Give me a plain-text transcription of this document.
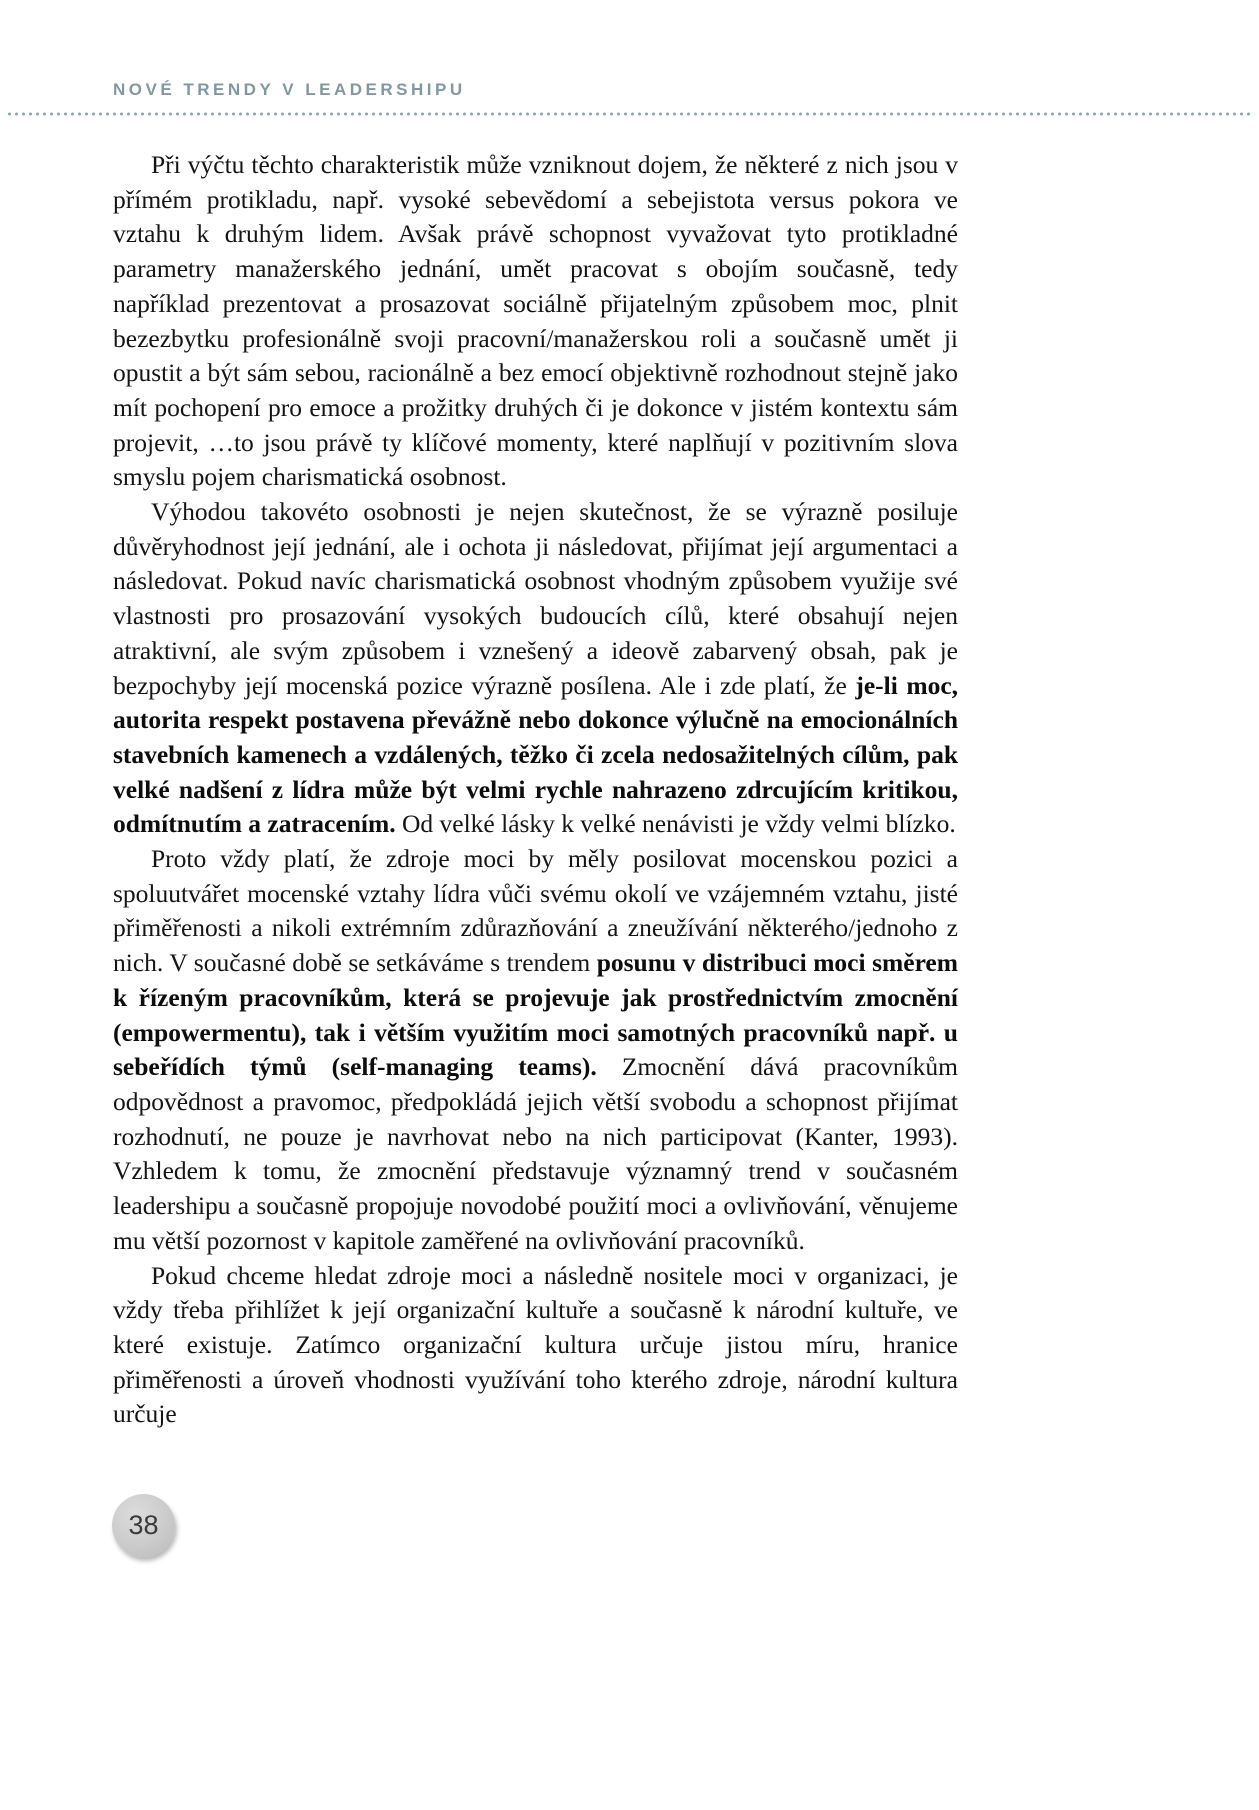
NOVÉ TRENDY V LEADERSHIPU

Při výčtu těchto charakteristik může vzniknout dojem, že některé z nich jsou v přímém protikladu, např. vysoké sebevědomí a sebejistota versus pokora ve vztahu k druhým lidem. Avšak právě schopnost vyvažovat tyto protikladné parametry manažerského jednání, umět pracovat s obojím současně, tedy například prezentovat a prosazovat sociálně přijatelným způsobem moc, plnit bezezbytku profesionálně svoji pracovní/manažerskou roli a současně umět ji opustit a být sám sebou, racionálně a bez emocí objektivně rozhodnout stejně jako mít pochopení pro emoce a prožitky druhých či je dokonce v jistém kontextu sám projevit, …to jsou právě ty klíčové momenty, které naplňují v pozitivním slova smyslu pojem charismatická osobnost.

Výhodou takovéto osobnosti je nejen skutečnost, že se výrazně posiluje důvěryhodnost její jednání, ale i ochota ji následovat, přijímat její argumentaci a následovat. Pokud navíc charismatická osobnost vhodným způsobem využije své vlastnosti pro prosazování vysokých budoucích cílů, které obsahují nejen atraktivní, ale svým způsobem i vznešený a ideově zabarvený obsah, pak je bezpochyby její mocenská pozice výrazně posílena. Ale i zde platí, že je-li moc, autorita respekt postavena převážně nebo dokonce výlučně na emocionálních stavebních kamenech a vzdálených, těžko či zcela nedosažitelných cílům, pak velké nadšení z lídra může být velmi rychle nahrazeno zdrcujícím kritikou, odmítnutím a zatracením. Od velké lásky k velké nenávisti je vždy velmi blízko.

Proto vždy platí, že zdroje moci by měly posilovat mocenskou pozici a spoluutvářet mocenské vztahy lídra vůči svému okolí ve vzájemném vztahu, jisté přiměřenosti a nikoli extrémním zdůrazňování a zneužívání některého/jednoho z nich. V současné době se setkáváme s trendem posunu v distribuci moci směrem k řízeným pracovníkům, která se projevuje jak prostřednictvím zmocnění (empowermentu), tak i větším využitím moci samotných pracovníků např. u sebeřídích týmů (self-managing teams). Zmocnění dává pracovníkům odpovědnost a pravomoc, předpokládá jejich větší svobodu a schopnost přijímat rozhodnutí, ne pouze je navrhovat nebo na nich participovat (Kanter, 1993). Vzhledem k tomu, že zmocnění představuje významný trend v současném leadershipu a současně propojuje novodobé použití moci a ovlivňování, věnujeme mu větší pozornost v kapitole zaměřené na ovlivňování pracovníků.

Pokud chceme hledat zdroje moci a následně nositele moci v organizaci, je vždy třeba přihlížet k její organizační kultuře a současně k národní kultuře, ve které existuje. Zatímco organizační kultura určuje jistou míru, hranice přiměřenosti a úroveň vhodnosti využívání toho kterého zdroje, národní kultura určuje

38
